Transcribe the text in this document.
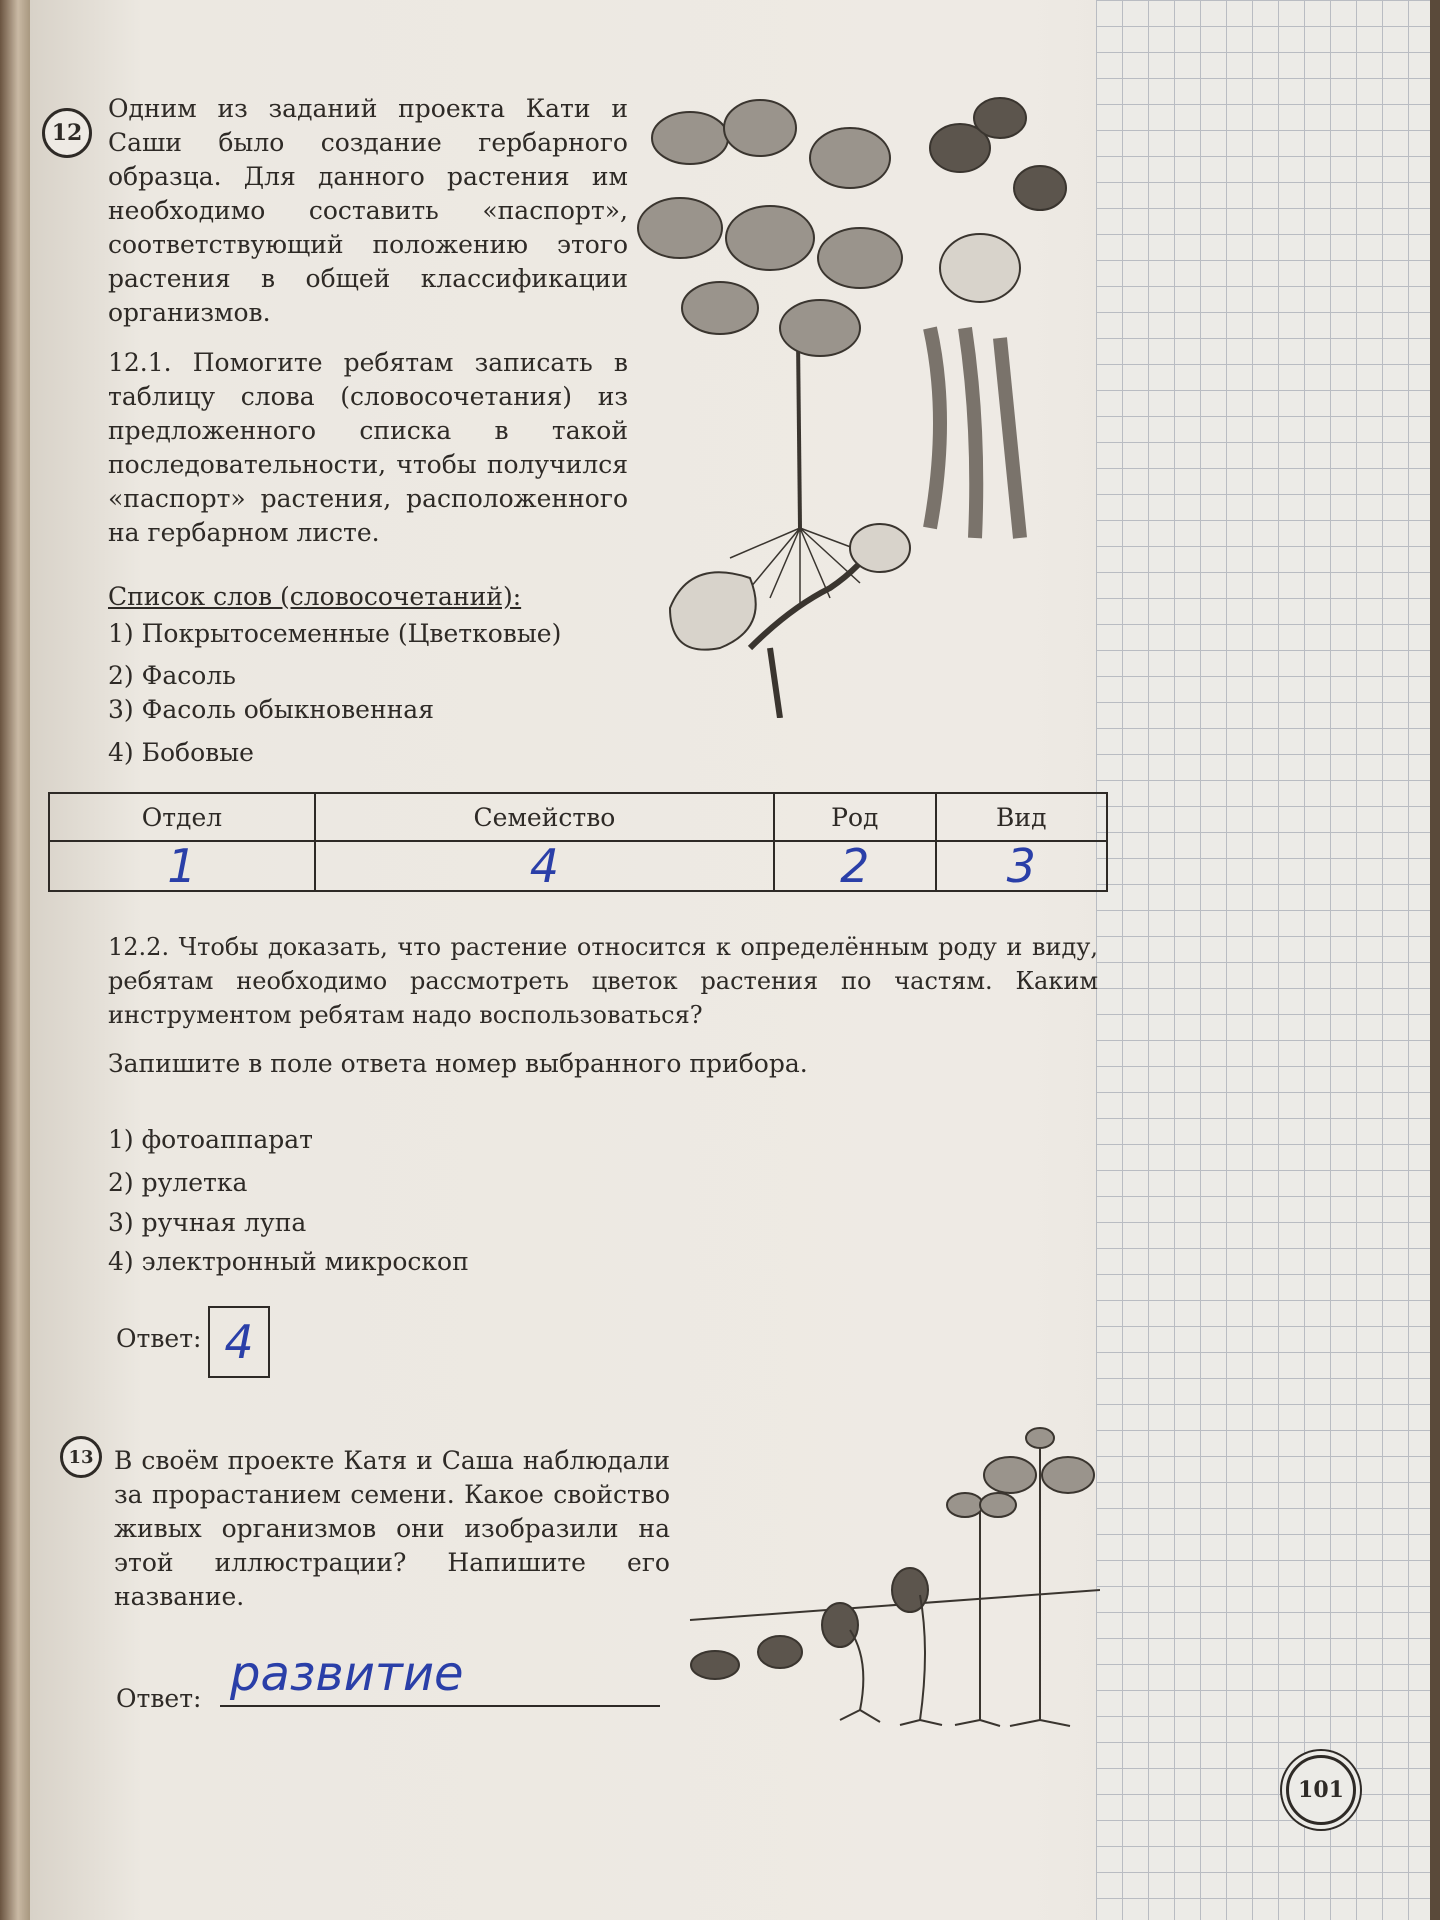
12
Одним из заданий проекта Кати и Саши было создание гербарного образца. Для данного растения им необходимо составить «паспорт», соответствующий положению этого растения в общей классификации организмов.
12.1. Помогите ребятам записать в таблицу слова (словосочетания) из предложенного списка в такой последовательности, чтобы получился «паспорт» растения, расположенного на гербарном листе.
Список слов (словосочетаний):
1) Покрытосеменные (Цветковые)
2) Фасоль
3) Фасоль обыкновенная
4) Бобовые
Отдел	Семейство	Род	Вид
1	4	2	3
12.2. Чтобы доказать, что растение относится к определённым роду и виду, ребятам необходимо рассмотреть цветок растения по частям. Каким инструментом ребятам надо воспользоваться?
Запишите в поле ответа номер выбранного прибора.
1) фотоаппарат
2) рулетка
3) ручная лупа
4) электронный микроскоп
Ответ: 4
13 В своём проекте Катя и Саша наблюдали за прорастанием семени. Какое свойство живых организмов они изобразили на этой иллюстрации? Напишите его название.
Ответ: развитие
101
